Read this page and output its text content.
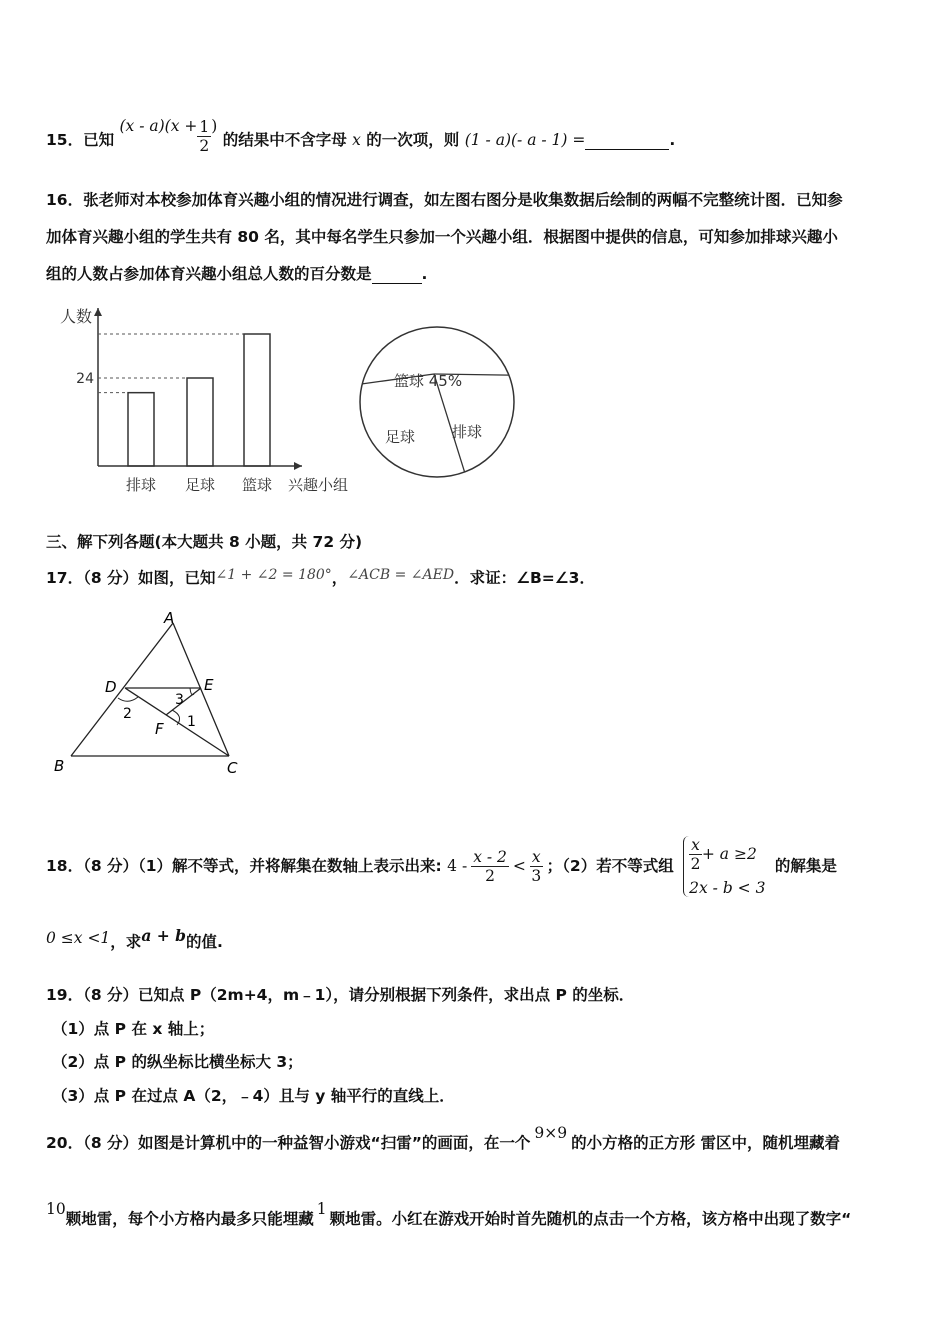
15．已知 $(x - a)(x + \frac{1}{2}$ ) 的结果中不含字母 x 的一次项，则 (1 - a)(- a - 1) =	.
16．张老师对本校参加体育兴趣小组的情况进行调查，如左图右图分是收集数据后绘制的两幅不完整统计图．已知参
加体育兴趣小组的学生共有 80 名，其中每名学生只参加一个兴趣小组．根据图中提供的信息，可知参加排球兴趣小
组的人数占参加体育兴趣小组总人数的百分数是	.
人数
兴趣小组
排球 足球
24
篮球
篮球 45%
排球
足球
三、解下列各题(本大题共 8 小题，共 72 分)
17．（8 分）如图，已知∠1 + ∠2 = 180°，∠ACB = ∠AED．求证：∠B=∠3．
A
B	C
D	E
F 1
2
3
18．（8 分）（1）解不等式，并将解集在数轴上表示出来: $4 - \frac{x - 2}{2} < \frac{x}{3}$ ；（2）若不等式组 $\frac{x}{2} + a \ge 2$
2x - b < 3
的解集是
0 ≤x <1，求a + b的值.
19．（8 分）已知点 P（2m+4，m﹣1），请分别根据下列条件，求出点 P 的坐标．
（1）点 P 在 x 轴上；
（2）点 P 的纵坐标比横坐标大 3；
（3）点 P 在过点 A（2，﹣4）且与 y 轴平行的直线上．
20．（8 分）如图是计算机中的一种益智小游戏“扫雷”的画面，在一个9×9的小方格的正方形 雷区中，随机埋藏着
10颗地雷，每个小方格内最多只能埋藏1颗地雷。小红在游戏开始时首先随机的点击一个方格，该方格中出现了数字“
